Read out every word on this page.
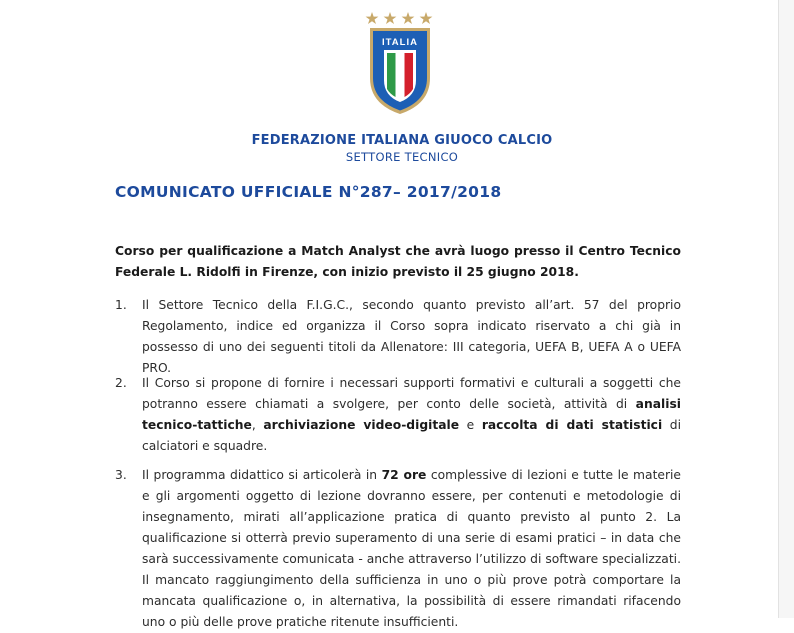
ITALIA
FEDERAZIONE ITALIANA GIUOCO CALCIO
SETTORE TECNICO
COMUNICATO UFFICIALE N°287– 2017/2018
Corso per qualificazione a Match Analyst che avrà luogo presso il Centro Tecnico Federale L. Ridolfi in Firenze, con inizio previsto il 25 giugno 2018.
1.	Il Settore Tecnico della F.I.G.C., secondo quanto previsto all’art. 57 del proprio Regolamento, indice ed organizza il Corso sopra indicato riservato a chi già in possesso di uno dei seguenti titoli da Allenatore: III categoria, UEFA B, UEFA A o UEFA PRO.
2.	Il Corso si propone di fornire i necessari supporti formativi e culturali a soggetti che potranno essere chiamati a svolgere, per conto delle società, attività di analisi tecnico-tattiche, archiviazione video-digitale e raccolta di dati statistici di calciatori e squadre.
3.	Il programma didattico si articolerà in 72 ore complessive di lezioni e tutte le materie e gli argomenti oggetto di lezione dovranno essere, per contenuti e metodologie di insegnamento, mirati all’applicazione pratica di quanto previsto al punto 2. La qualificazione si otterrà previo superamento di una serie di esami pratici – in data che sarà successivamente comunicata - anche attraverso l’utilizzo di software specializzati. Il mancato raggiungimento della sufficienza in uno o più prove potrà comportare la mancata qualificazione o, in alternativa, la possibilità di essere rimandati rifacendo uno o più delle prove pratiche ritenute insufficienti.
